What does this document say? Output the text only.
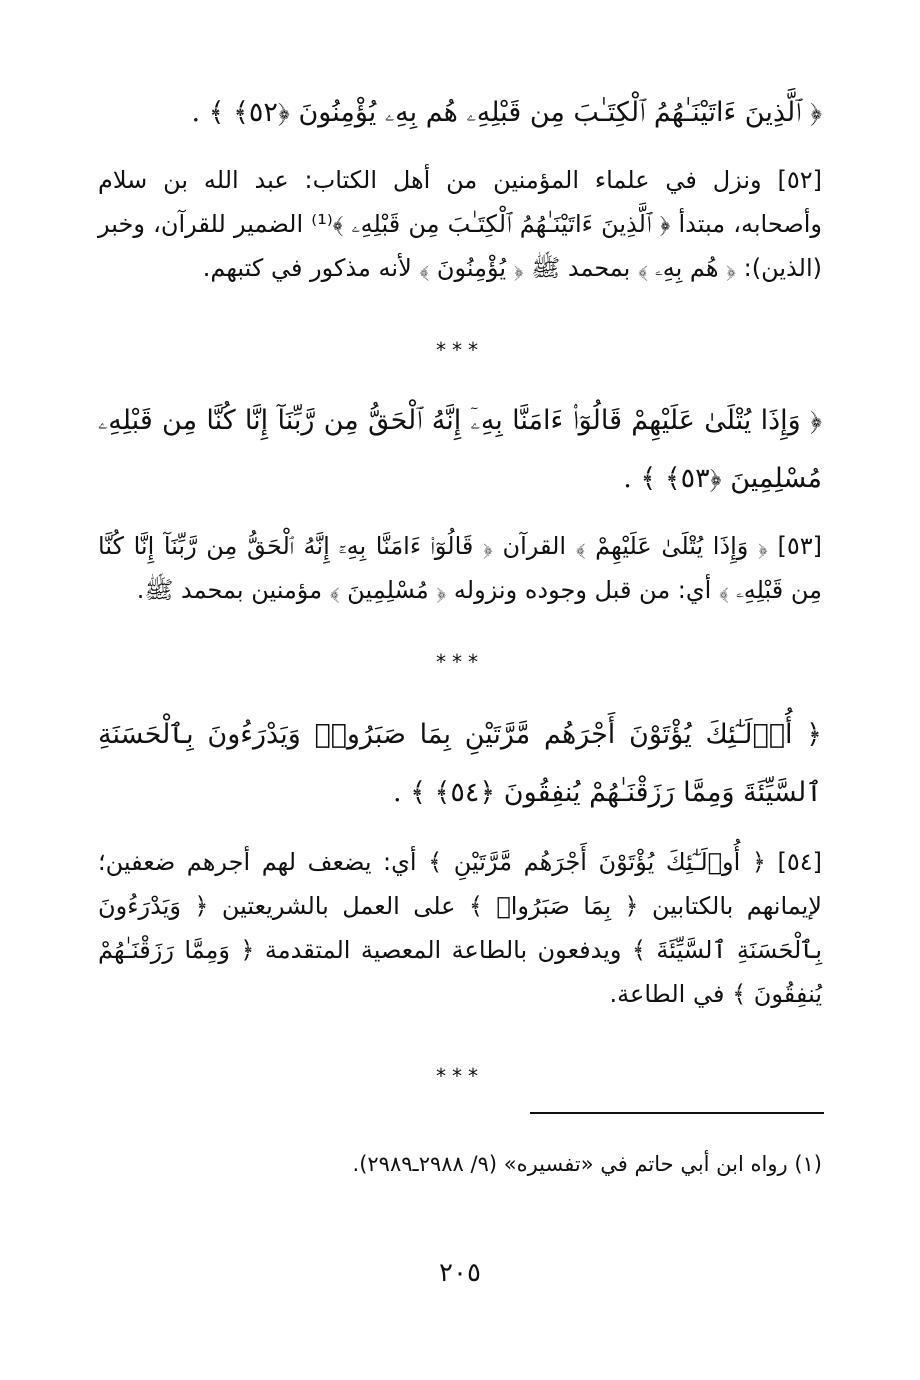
﴿ ٱلَّذِينَ ءَاتَيْنَـٰهُمُ ٱلْكِتَـٰبَ مِن قَبْلِهِۦ هُم بِهِۦ يُؤْمِنُونَ ﴿٥٢﴾ ﴾ .
[٥٢] ونزل في علماء المؤمنين من أهل الكتاب: عبد الله بن سلام وأصحابه، مبتدأ ﴿ ٱلَّذِينَ ءَاتَيْنَـٰهُمُ ٱلْكِتَـٰبَ مِن قَبْلِهِۦ ﴾⁽¹⁾ الضمير للقرآن، وخبر (الذين): ﴿ هُم بِهِۦ ﴾ بمحمد ﷺ ﴿ يُؤْمِنُونَ ﴾ لأنه مذكور في كتبهم.
***
﴿ وَإِذَا يُتْلَىٰ عَلَيْهِمْ قَالُوٓا۟ ءَامَنَّا بِهِۦٓ إِنَّهُ ٱلْحَقُّ مِن رَّبِّنَآ إِنَّا كُنَّا مِن قَبْلِهِۦ مُسْلِمِينَ ﴿٥٣﴾ ﴾ .
[٥٣] ﴿ وَإِذَا يُتْلَىٰ عَلَيْهِمْ ﴾ القرآن ﴿ قَالُوٓا۟ ءَامَنَّا بِهِۦٓ إِنَّهُ ٱلْحَقُّ مِن رَّبِّنَآ إِنَّا كُنَّا مِن قَبْلِهِۦ ﴾ أي: من قبل وجوده ونزوله ﴿ مُسْلِمِينَ ﴾ مؤمنين بمحمد ﷺ.
***
﴿ أُو۟لَـٰٓئِكَ يُؤْتَوْنَ أَجْرَهُم مَّرَّتَيْنِ بِمَا صَبَرُوا۟ وَيَدْرَءُونَ بِٱلْحَسَنَةِ ٱلسَّيِّئَةَ وَمِمَّا رَزَقْنَـٰهُمْ يُنفِقُونَ ﴿٥٤﴾ ﴾ .
[٥٤] ﴿ أُو۟لَـٰٓئِكَ يُؤْتَوْنَ أَجْرَهُم مَّرَّتَيْنِ ﴾ أي: يضعف لهم أجرهم ضعفين؛ لإيمانهم بالكتابين ﴿ بِمَا صَبَرُوا۟ ﴾ على العمل بالشريعتين ﴿ وَيَدْرَءُونَ بِٱلْحَسَنَةِ ٱلسَّيِّئَةَ ﴾ ويدفعون بالطاعة المعصية المتقدمة ﴿ وَمِمَّا رَزَقْنَـٰهُمْ يُنفِقُونَ ﴾ في الطاعة.
***
(١) رواه ابن أبي حاتم في «تفسيره» (٩/ ٢٩٨٨ـ٢٩٨٩).
٢٠٥
